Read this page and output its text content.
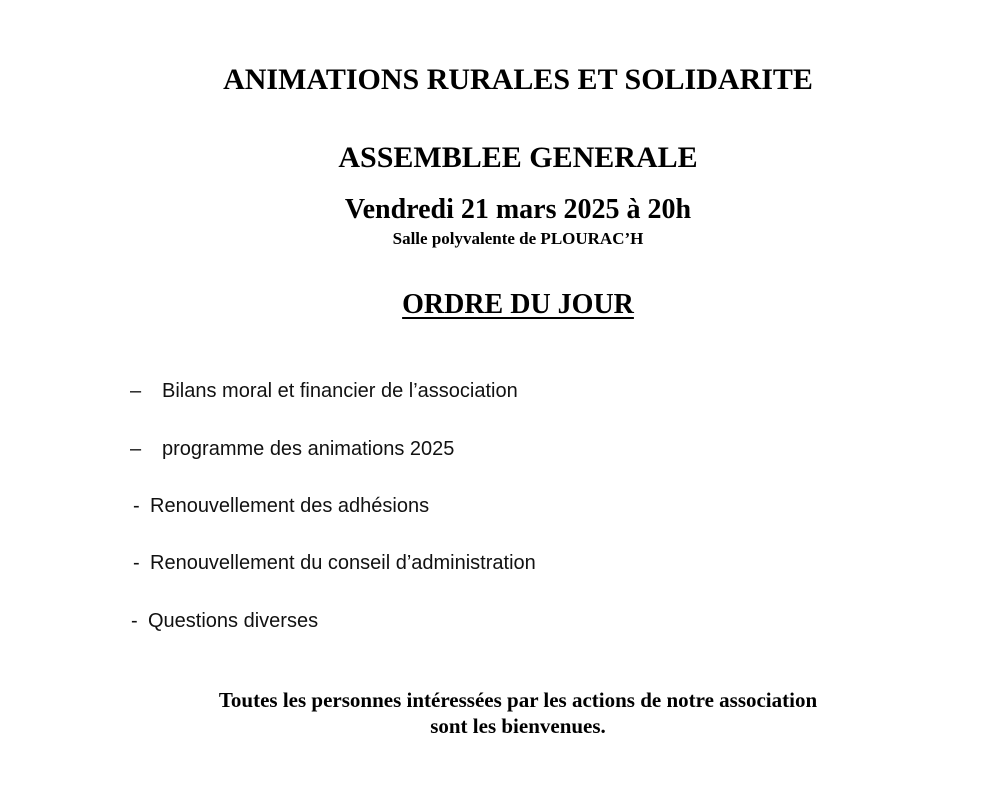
ANIMATIONS RURALES ET SOLIDARITE
ASSEMBLEE GENERALE
Vendredi 21 mars 2025 à 20h
Salle polyvalente de PLOURAC’H
ORDRE DU JOUR
– Bilans moral et financier de l’association
– programme des animations 2025
- Renouvellement des adhésions
- Renouvellement du conseil d’administration
- Questions diverses
Toutes les personnes intéressées par les actions de notre association
sont les bienvenues.
